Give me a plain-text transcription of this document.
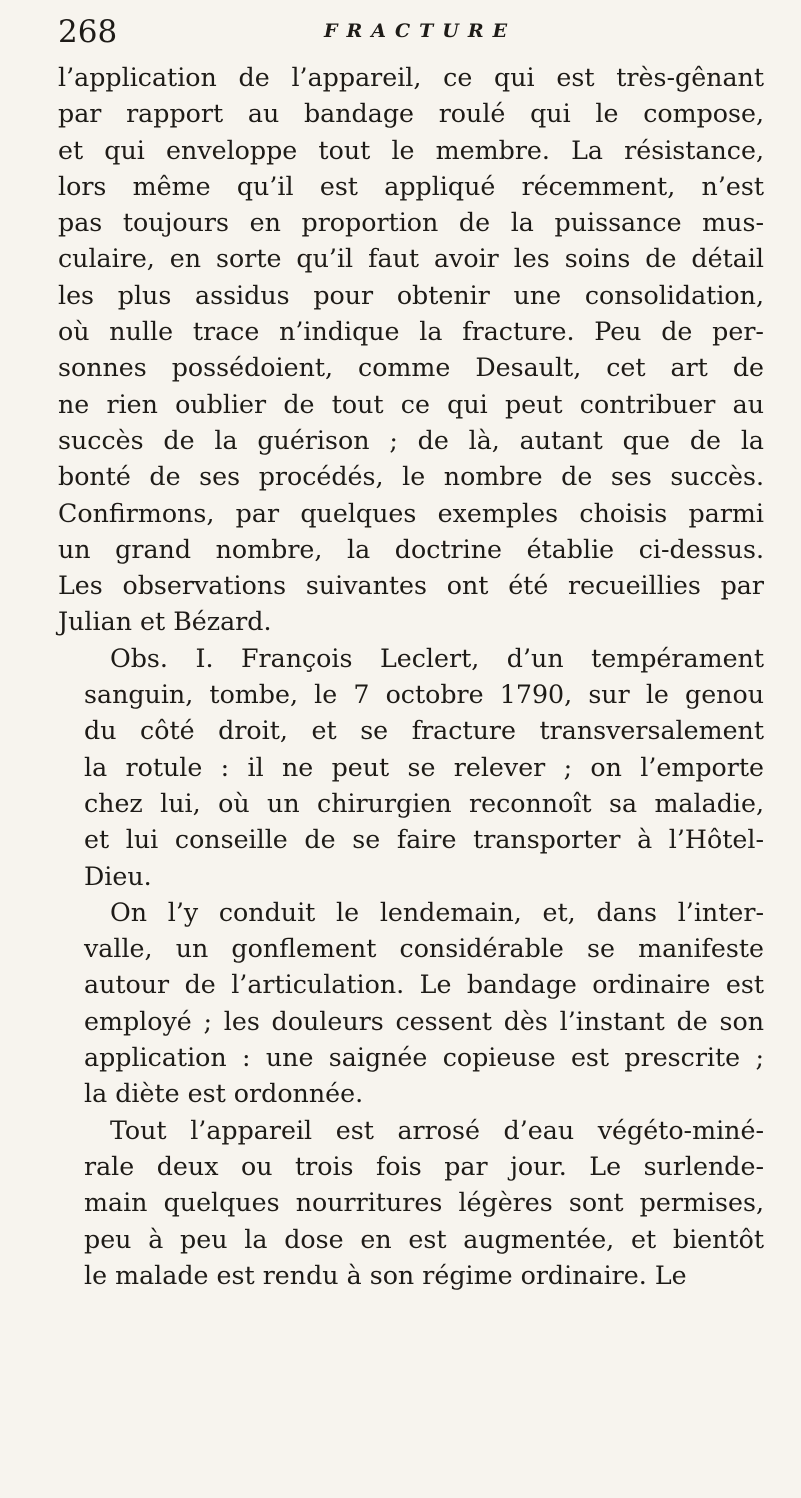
268	FRACTURE

l’application de l’appareil, ce qui est très-gênant
par rapport au bandage roulé qui le compose,
et qui enveloppe tout le membre. La résistance,
lors même qu’il est appliqué récemment, n’est
pas toujours en proportion de la puissance mus-
culaire, en sorte qu’il faut avoir les soins de détail
les plus assidus pour obtenir une consolidation,
où nulle trace n’indique la fracture. Peu de per-
sonnes possédoient, comme Desault, cet art de
ne rien oublier de tout ce qui peut contribuer au
succès de la guérison ; de là, autant que de la
bonté de ses procédés, le nombre de ses succès.
Confirmons, par quelques exemples choisis parmi
un grand nombre, la doctrine établie ci-dessus.
Les observations suivantes ont été recueillies par
Julian et Bézard.

Obs. I. François Leclert, d’un tempérament
sanguin, tombe, le 7 octobre 1790, sur le genou
du côté droit, et se fracture transversalement
la rotule : il ne peut se relever ; on l’emporte
chez lui, où un chirurgien reconnoît sa maladie,
et lui conseille de se faire transporter à l’Hôtel-
Dieu.

On l’y conduit le lendemain, et, dans l’inter-
valle, un gonflement considérable se manifeste
autour de l’articulation. Le bandage ordinaire est
employé ; les douleurs cessent dès l’instant de son
application : une saignée copieuse est prescrite ;
la diète est ordonnée.

Tout l’appareil est arrosé d’eau végéto-miné-
rale deux ou trois fois par jour. Le surlende-
main quelques nourritures légères sont permises,
peu à peu la dose en est augmentée, et bientôt
le malade est rendu à son régime ordinaire. Le
